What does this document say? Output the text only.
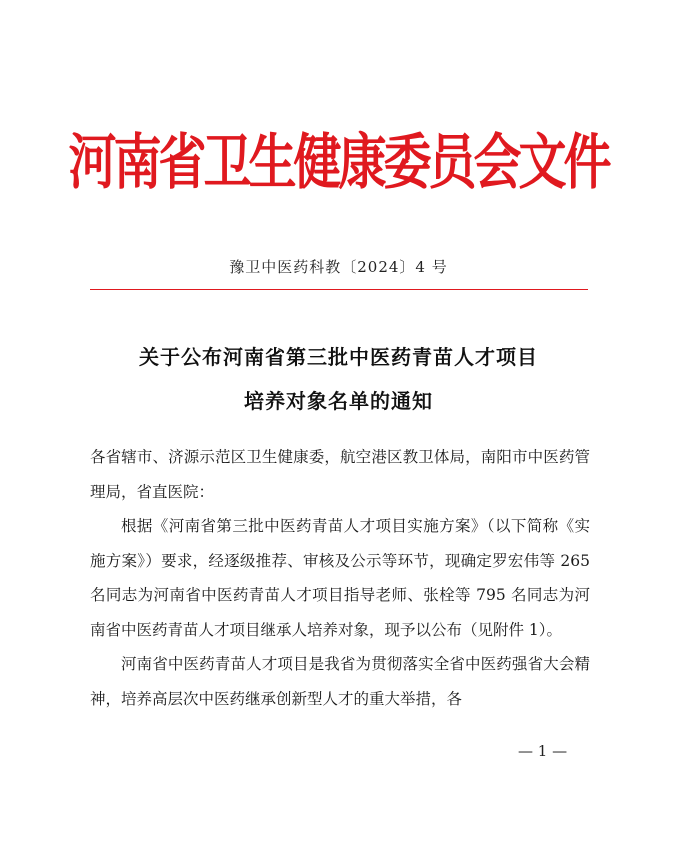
河南省卫生健康委员会文件
豫卫中医药科教〔2024〕4 号
关于公布河南省第三批中医药青苗人才项目
培养对象名单的通知

各省辖市、济源示范区卫生健康委，航空港区教卫体局，南阳市中医药管理局，省直医院：

根据《河南省第三批中医药青苗人才项目实施方案》（以下简称《实施方案》）要求，经逐级推荐、审核及公示等环节，现确定罗宏伟等 265 名同志为河南省中医药青苗人才项目指导老师、张栓等 795 名同志为河南省中医药青苗人才项目继承人培养对象，现予以公布（见附件 1）。

河南省中医药青苗人才项目是我省为贯彻落实全省中医药强省大会精神，培养高层次中医药继承创新型人才的重大举措，各

— 1 —
